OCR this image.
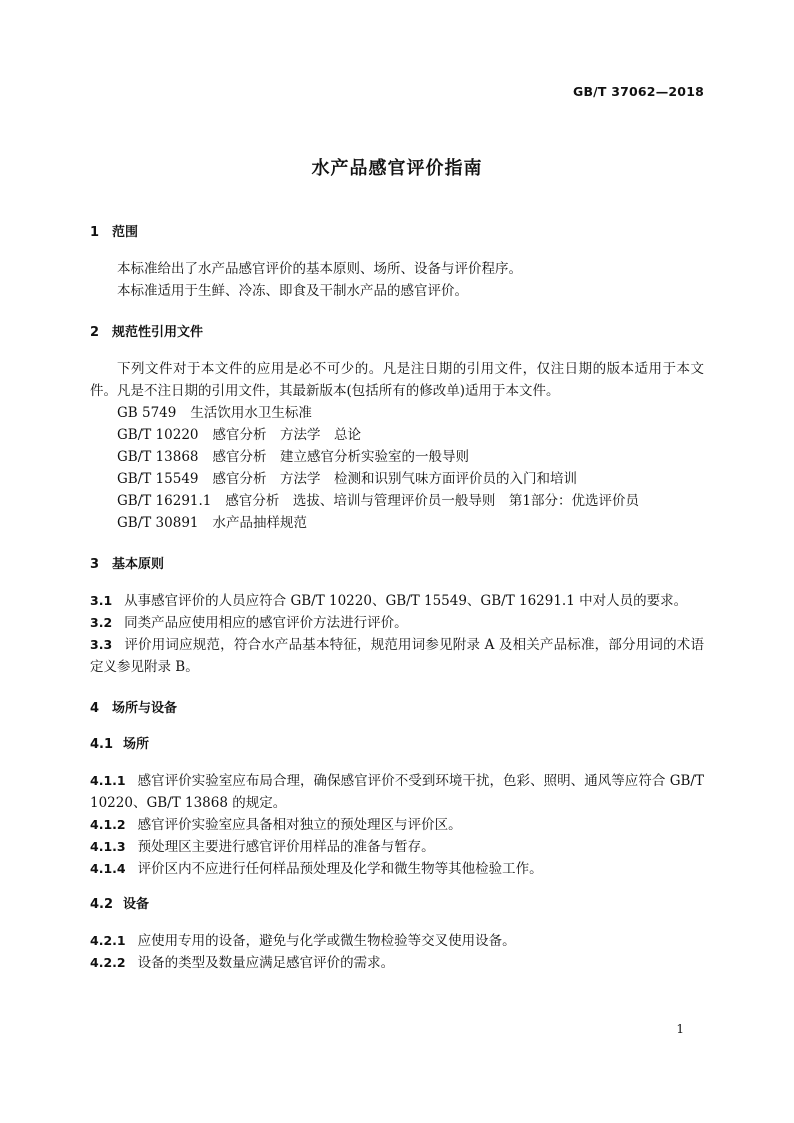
GB/T 37062—2018
水产品感官评价指南
1 范围

本标准给出了水产品感官评价的基本原则、场所、设备与评价程序。

本标准适用于生鲜、冷冻、即食及干制水产品的感官评价。

2 规范性引用文件

下列文件对于本文件的应用是必不可少的。凡是注日期的引用文件，仅注日期的版本适用于本文件。凡是不注日期的引用文件，其最新版本(包括所有的修改单)适用于本文件。

GB 5749 生活饮用水卫生标准

GB/T 10220 感官分析　方法学　总论

GB/T 13868 感官分析　建立感官分析实验室的一般导则

GB/T 15549 感官分析　方法学　检测和识别气味方面评价员的入门和培训

GB/T 16291.1 感官分析　选拔、培训与管理评价员一般导则　第1部分：优选评价员

GB/T 30891 水产品抽样规范

3 基本原则

3.1 从事感官评价的人员应符合 GB/T 10220、GB/T 15549、GB/T 16291.1 中对人员的要求。

3.2 同类产品应使用相应的感官评价方法进行评价。

3.3 评价用词应规范，符合水产品基本特征，规范用词参见附录 A 及相关产品标准，部分用词的术语定义参见附录 B。

4 场所与设备
4.1 场所

4.1.1 感官评价实验室应布局合理，确保感官评价不受到环境干扰，色彩、照明、通风等应符合 GB/T 10220、GB/T 13868 的规定。

4.1.2 感官评价实验室应具备相对独立的预处理区与评价区。

4.1.3 预处理区主要进行感官评价用样品的准备与暂存。

4.1.4 评价区内不应进行任何样品预处理及化学和微生物等其他检验工作。

4.2 设备

4.2.1 应使用专用的设备，避免与化学或微生物检验等交叉使用设备。

4.2.2 设备的类型及数量应满足感官评价的需求。

1
